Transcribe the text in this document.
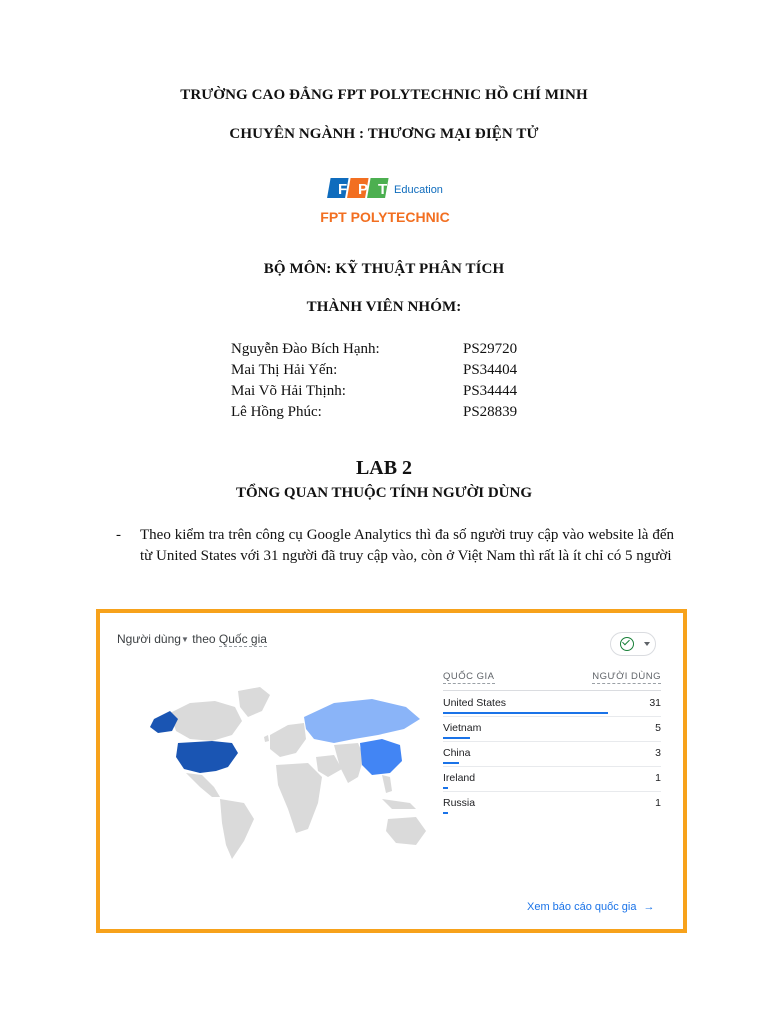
TRƯỜNG CAO ĐẲNG FPT POLYTECHNIC HỒ CHÍ MINH
CHUYÊN NGÀNH : THƯƠNG MẠI ĐIỆN TỬ
F P T Education
FPT POLYTECHNIC
BỘ MÔN: KỸ THUẬT PHÂN TÍCH
THÀNH VIÊN NHÓM:
Nguyễn Đào Bích Hạnh:	PS29720
Mai Thị Hải Yến:	PS34404
Mai Võ Hải Thịnh:	PS34444
Lê Hồng Phúc:	PS28839
LAB 2
TỔNG QUAN THUỘC TÍNH NGƯỜI DÙNG
- Theo kiểm tra trên công cụ Google Analytics thì đa số người truy cập vào website là đến từ United States với 31 người đã truy cập vào, còn ở Việt Nam thì rất là ít chỉ có 5 người
Người dùng▼ theo Quốc gia
QUỐC GIA	NGƯỜI DÙNG
United States	31
Vietnam	5
China	3
Ireland	1
Russia	1
Xem báo cáo quốc gia →
